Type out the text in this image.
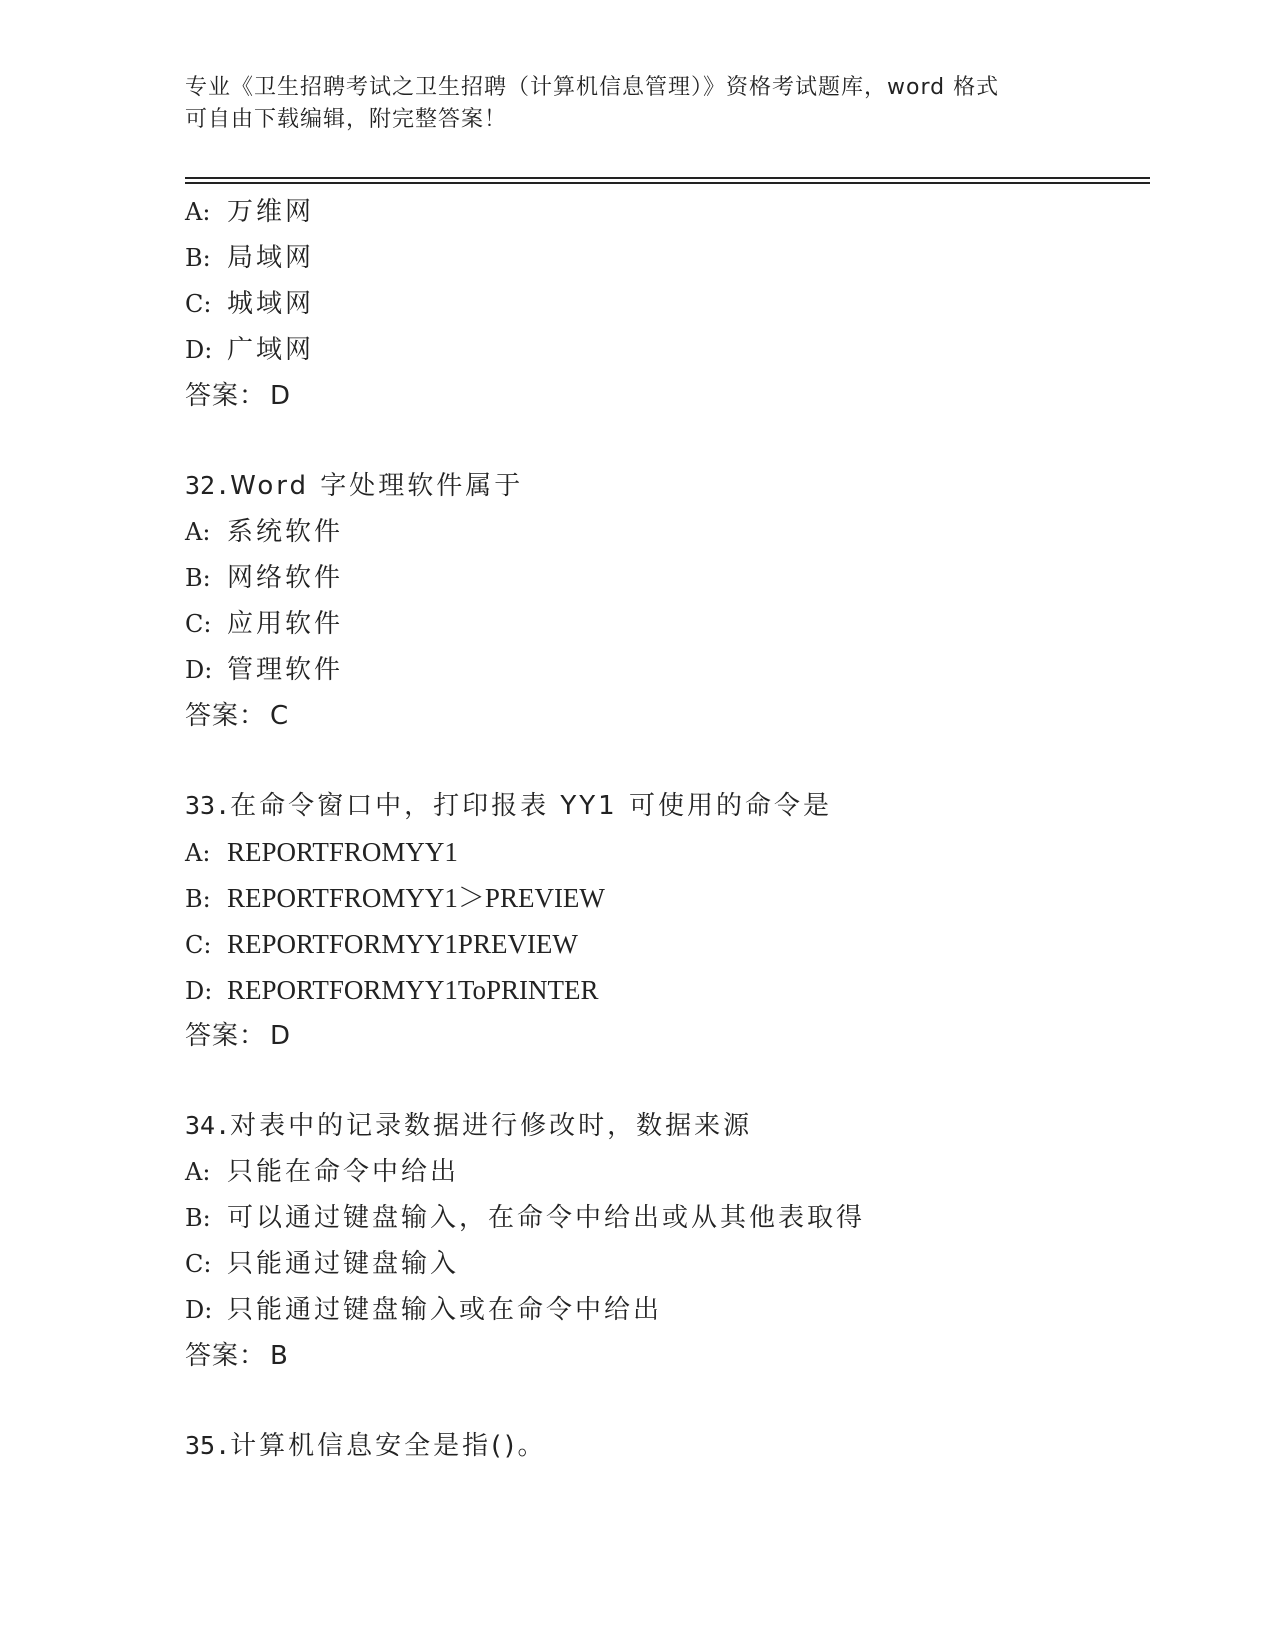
专业《卫生招聘考试之卫生招聘（计算机信息管理）》资格考试题库，word 格式
可自由下载编辑，附完整答案！
A: 万维网
B: 局域网
C: 城域网
D: 广域网
答案： D
32.Word 字处理软件属于
A: 系统软件
B: 网络软件
C: 应用软件
D: 管理软件
答案： C
33.在命令窗口中，打印报表 YY1 可使用的命令是
A: REPORTFROMYY1
B: REPORTFROMYY1＞PREVIEW
C: REPORTFORMYY1PREVIEW
D: REPORTFORMYY1ToPRINTER
答案： D
34.对表中的记录数据进行修改时，数据来源
A: 只能在命令中给出
B: 可以通过键盘输入，在命令中给出或从其他表取得
C: 只能通过键盘输入
D: 只能通过键盘输入或在命令中给出
答案： B
35.计算机信息安全是指()。
